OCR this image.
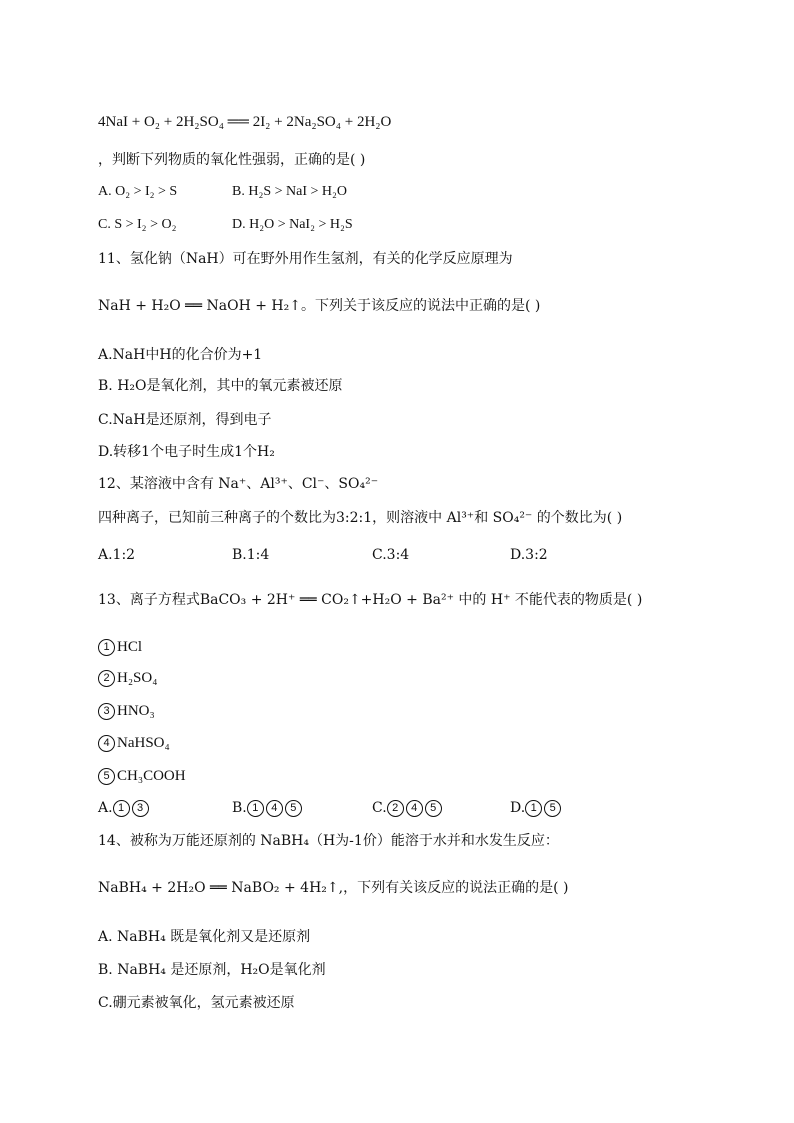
4NaI + O₂ + 2H₂SO₄ ══ 2I₂ + 2Na₂SO₄ + 2H₂O
，判断下列物质的氧化性强弱，正确的是( )
A. O₂ > I₂ > S	B. H₂S > NaI > H₂O
C. S > I₂ > O₂	D. H₂O > NaI₂ > H₂S
11、氢化钠（NaH）可在野外用作生氢剂，有关的化学反应原理为
NaH + H₂O ══ NaOH + H₂↑。下列关于该反应的说法中正确的是( )
A.NaH中H的化合价为+1
B. H₂O是氧化剂，其中的氧元素被还原
C.NaH是还原剂，得到电子
D.转移1个电子时生成1个H₂
12、某溶液中含有 Na⁺、Al³⁺、Cl⁻、SO₄²⁻
四种离子，已知前三种离子的个数比为3:2:1，则溶液中 Al³⁺和 SO₄²⁻ 的个数比为( )
A.1:2	B.1:4	C.3:4	D.3:2
13、离子方程式BaCO₃ + 2H⁺ ══ CO₂↑+H₂O + Ba²⁺ 中的 H⁺ 不能代表的物质是( )
1 HCl
2 H₂SO₄
3 HNO₃
4 NaHSO₄
5 CH₃COOH
A. 1 3	B. 1 4 5	C. 2 4 5	D. 1 5
14、被称为万能还原剂的 NaBH₄（H为-1价）能溶于水并和水发生反应：
NaBH₄ + 2H₂O ══ NaBO₂ + 4H₂↑,，下列有关该反应的说法正确的是( )
A. NaBH₄ 既是氧化剂又是还原剂
B. NaBH₄ 是还原剂，H₂O是氧化剂
C.硼元素被氧化，氢元素被还原
